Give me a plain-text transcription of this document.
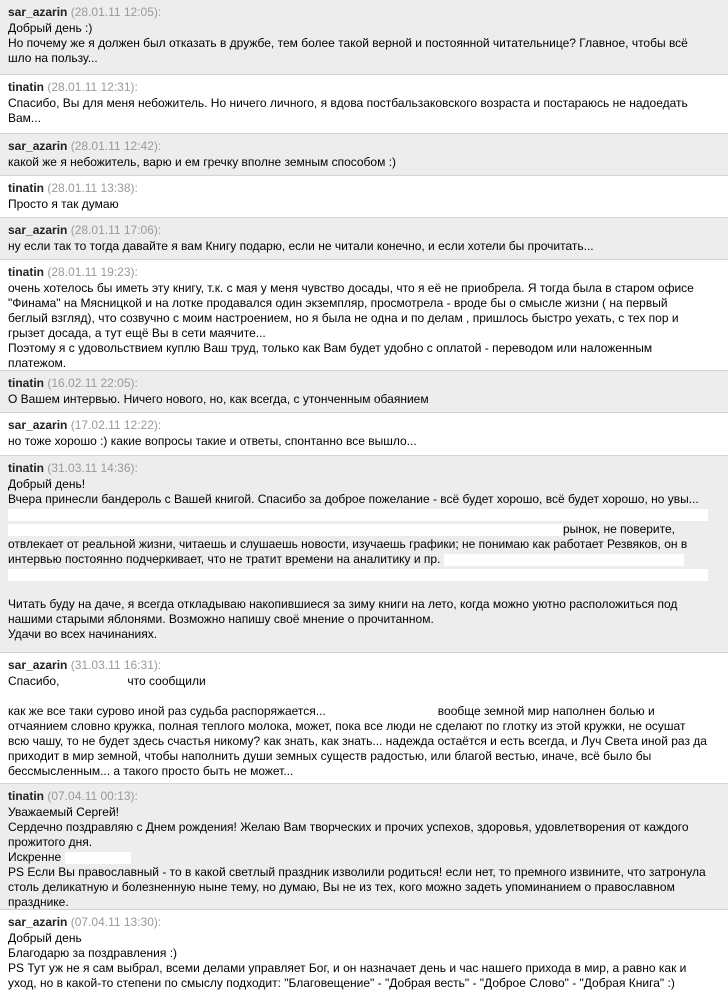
sar_azarin (28.01.11 12:05):
Добрый день :)
Но почему же я должен был отказать в дружбе, тем более такой верной и постоянной читательнице? Главное, чтобы всё
шло на пользу...
tinatin (28.01.11 12:31):
Спасибо, Вы для меня небожитель. Но ничего личного, я вдова постбальзаковского возраста и постараюсь не надоедать
Вам...
sar_azarin (28.01.11 12:42):
какой же я небожитель, варю и ем гречку вполне земным способом :)
tinatin (28.01.11 13:38):
Просто я так думаю
sar_azarin (28.01.11 17:06):
ну если так то тогда давайте я вам Книгу подарю, если не читали конечно, и если хотели бы прочитать...
tinatin (28.01.11 19:23):
очень хотелось бы иметь эту книгу, т.к. с мая у меня чувство досады, что я её не приобрела. Я тогда была в старом офисе
"Финама" на Мясницкой и на лотке продавался один экземпляр, просмотрела - вроде бы о смысле жизни ( на первый
беглый взгляд), что созвучно с моим настроением, но я была не одна и по делам , пришлось быстро уехать, с тех пор и
грызет досада, а тут ещё Вы в сети маячите...
Поэтому я с удовольствием куплю Ваш труд, только как Вам будет удобно с оплатой - переводом или наложенным
платежом.
tinatin (16.02.11 22:05):
О Вашем интервью. Ничего нового, но, как всегда, с утонченным обаянием
sar_azarin (17.02.11 12:22):
но тоже хорошо :) какие вопросы такие и ответы, спонтанно все вышло...
tinatin (31.03.11 14:36):
Добрый день!
Вчера принесли бандероль с Вашей книгой. Спасибо за доброе пожелание - всё будет хорошо, всё будет хорошо, но увы...
рынок, не поверите,
отвлекает от реальной жизни, читаешь и слушаешь новости, изучаешь графики; не понимаю как работает Резвяков, он в
интервью постоянно подчеркивает, что не тратит времени на аналитику и пр.
Читать буду на даче, я всегда откладываю накопившиеся за зиму книги на лето, когда можно уютно расположиться под
нашими старыми яблонями. Возможно напишу своё мнение о прочитанном.
Удачи во всех начинаниях.
sar_azarin (31.03.11 16:31):
Спасибо,	что сообщили
как же все таки сурово иной раз судьба распоряжается...	вообще земной мир наполнен болью и
отчаянием словно кружка, полная теплого молока, может, пока все люди не сделают по глотку из этой кружки, не осушат
всю чашу, то не будет здесь счастья никому? как знать, как знать... надежда остаётся и есть всегда, и Луч Света иной раз да
приходит в мир земной, чтобы наполнить души земных существ радостью, или благой вестью, иначе, всё было бы
бессмысленным... а такого просто быть не может...
tinatin (07.04.11 00:13):
Уважаемый Сергей!
Сердечно поздравляю с Днем рождения! Желаю Вам творческих и прочих успехов, здоровья, удовлетворения от каждого
прожитого дня.
Искренне
PS Если Вы православный - то в какой светлый праздник изволили родиться! если нет, то премного извините, что затронула
столь деликатную и болезненную ныне тему, но думаю, Вы не из тех, кого можно задеть упоминанием о православном
празднике.
sar_azarin (07.04.11 13:30):
Добрый день
Благодарю за поздравления :)
PS Тут уж не я сам выбрал, всеми делами управляет Бог, и он назначает день и час нашего прихода в мир, а равно как и
уход, но в какой-то степени по смыслу подходит: "Благовещение" - "Добрая весть" - "Доброе Слово" - "Добрая Книга" :)
